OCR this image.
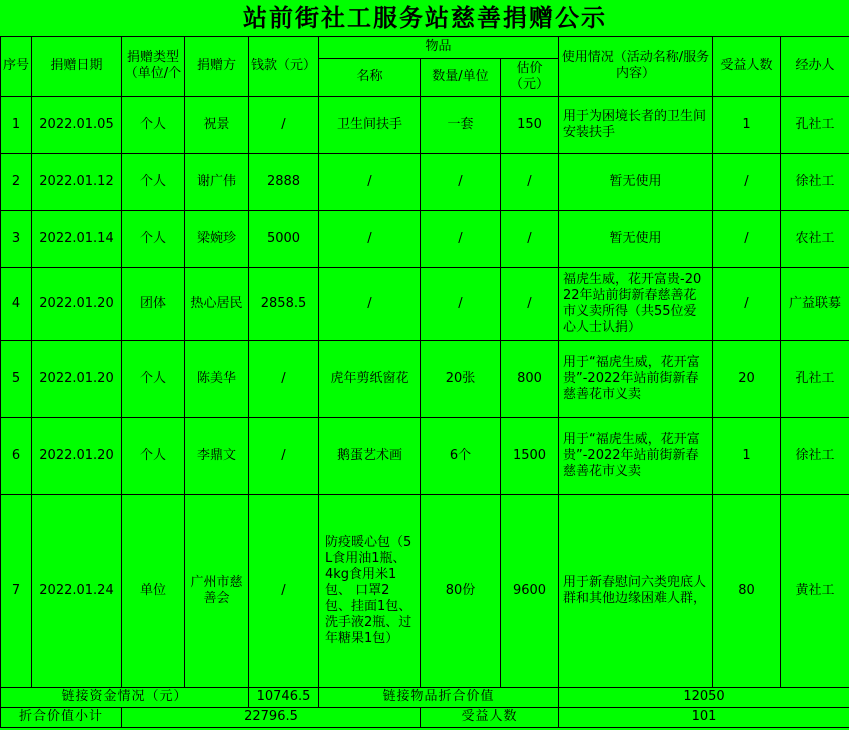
站前街社工服务站慈善捐赠公示										
序号	捐赠日期	捐赠类型（单位/个	捐赠方	钱款（元）	物品			使用情况（活动名称/服务内容）	受益人数	经办人
					名称	数量/单位	估价（元）			
1	2022.01.05	个人	祝景	/	卫生间扶手	一套	150	用于为困境长者的卫生间安装扶手	1	孔社工
2	2022.01.12	个人	谢广伟	2888	/	/	/	暂无使用	/	徐社工
3	2022.01.14	个人	梁婉珍	5000	/	/	/	暂无使用	/	农社工
4	2022.01.20	团体	热心居民	2858.5	/	/	/	福虎生威，花开富贵-2022年站前街新春慈善花市义卖所得（共55位爱心人士认捐）	/	广益联募
5	2022.01.20	个人	陈美华	/	虎年剪纸窗花	20张	800	用于“福虎生威，花开富贵”-2022年站前街新春慈善花市义卖	20	孔社工
6	2022.01.20	个人	李鼎文	/	鹅蛋艺术画	6个	1500	用于“福虎生威，花开富贵”-2022年站前街新春慈善花市义卖	1	徐社工
7	2022.01.24	单位	广州市慈善会	/	防疫暖心包（5L食用油1瓶、 4kg食用米1包、 口罩2包、挂面1包、洗手液2瓶、过年糖果1包）	80份	9600	用于新春慰问六类兜底人群和其他边缘困难人群，	80	黄社工
链接资金情况（元）				10746.5	链接物品折合价值			12050		
折合价值小计		22796.5				受益人数		101		
